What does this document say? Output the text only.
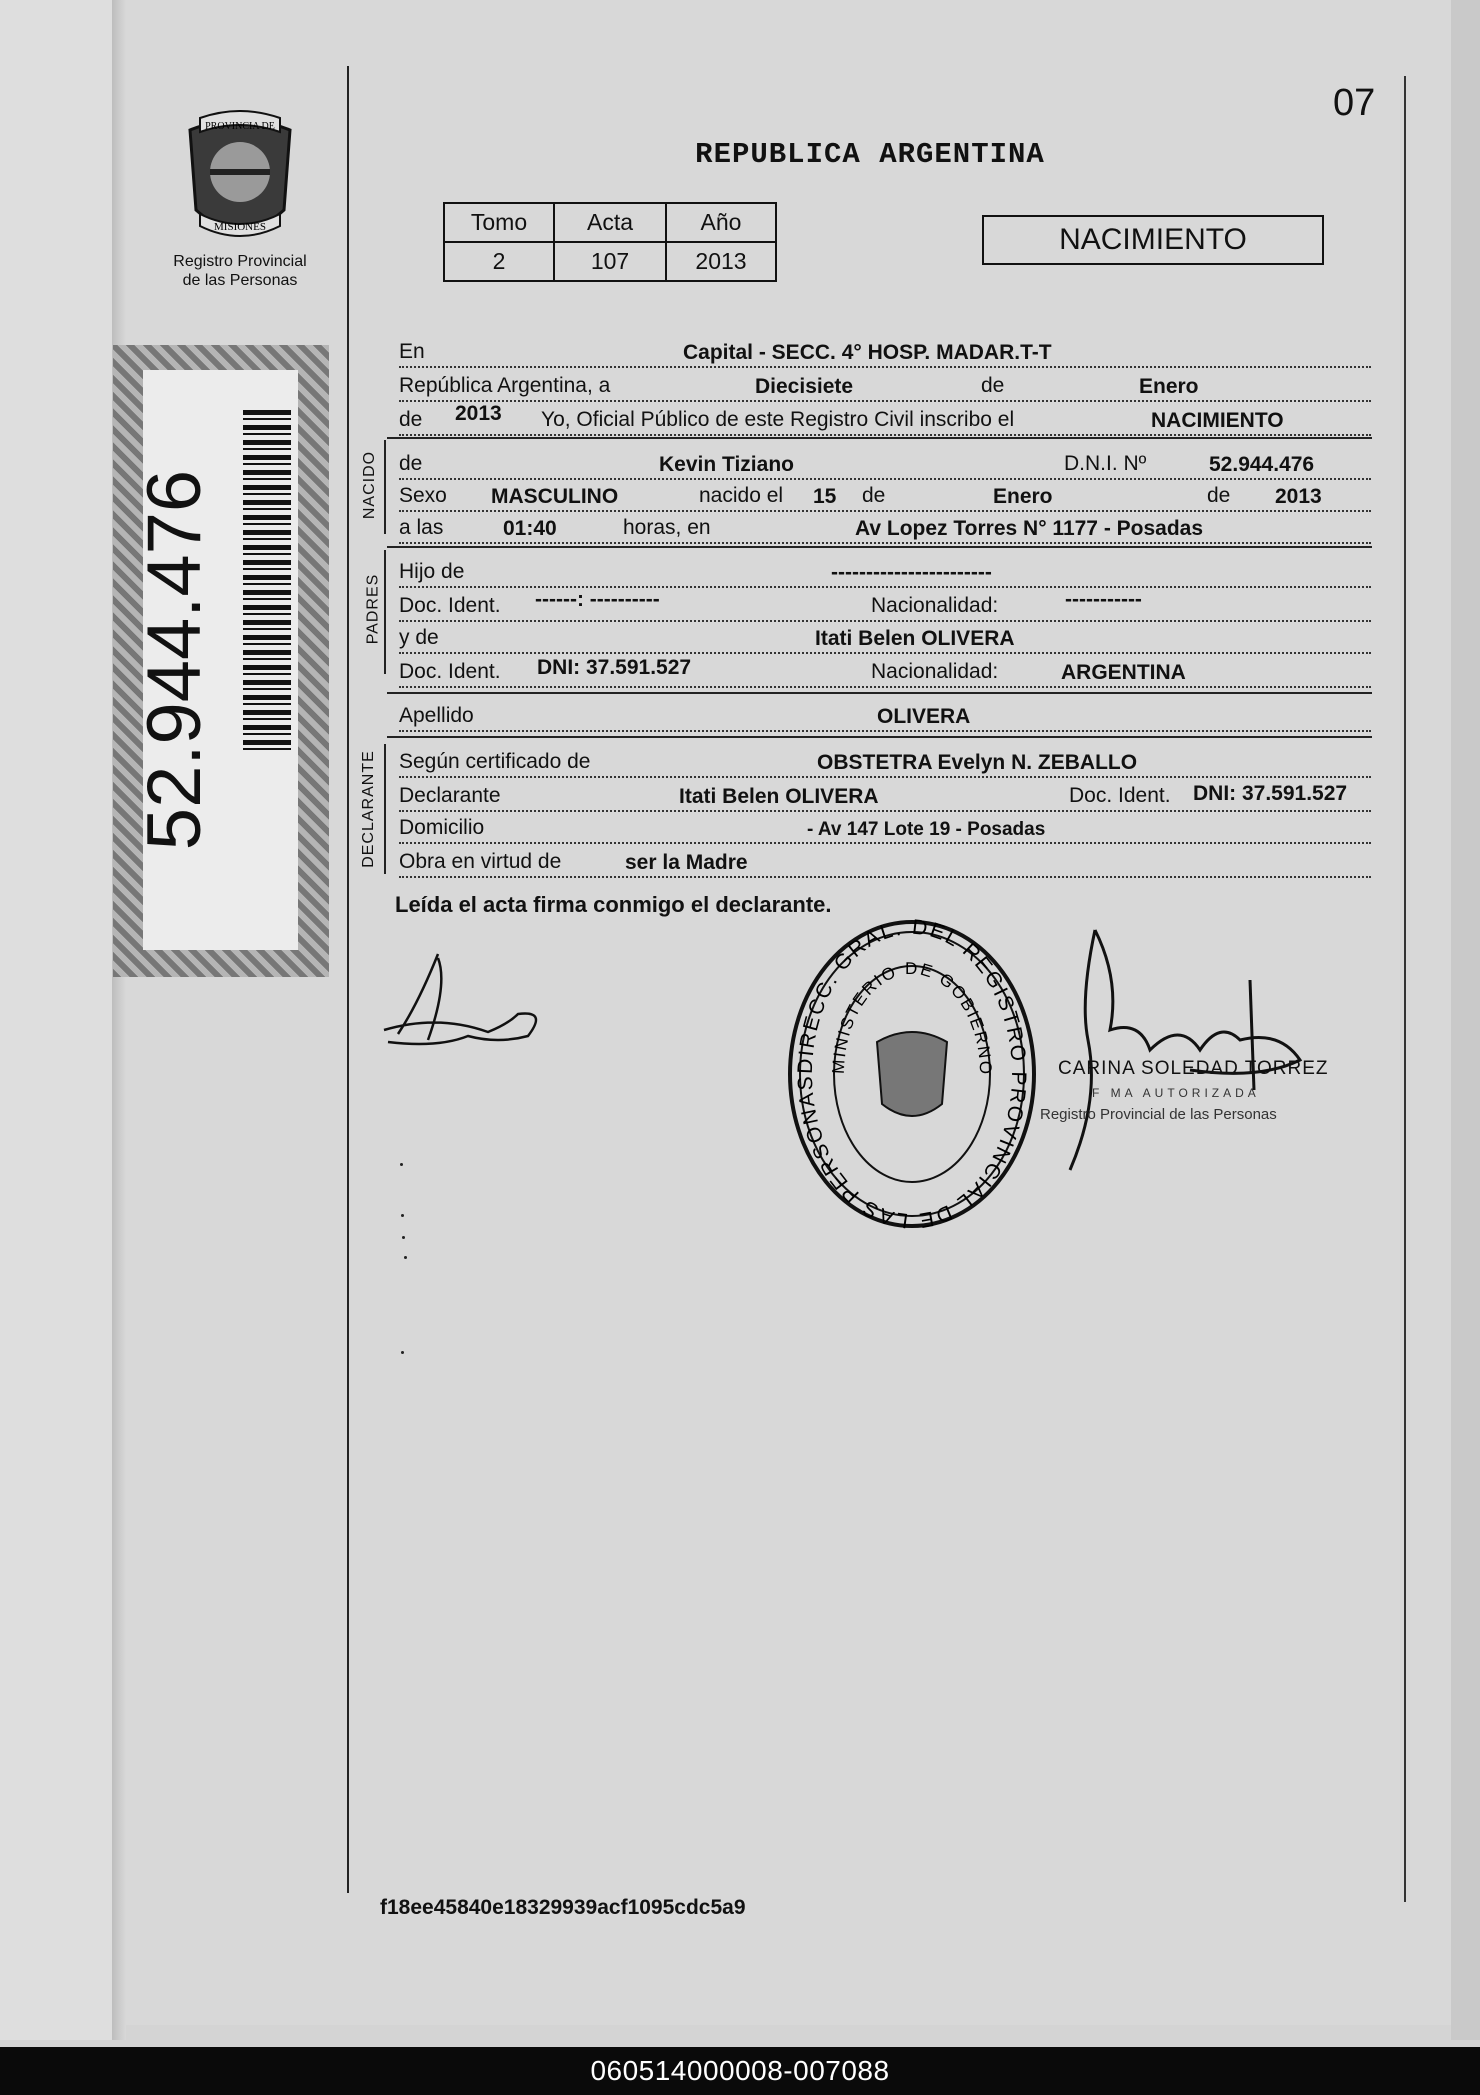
07
PROVINCIA DE
MISIONES
Registro Provincial
de las Personas
52.944.476
REPUBLICA ARGENTINA
Tomo	Acta	Año
2	107	2013
NACIMIENTO
En	Capital - SECC. 4° HOSP. MADAR.T-T
República Argentina, a	Diecisiete	de	Enero
de 2013 Yo, Oficial Público de este Registro Civil inscribo el	NACIMIENTO
NACIDO de	Kevin Tiziano	D.N.I. Nº	52.944.476
Sexo MASCULINO	nacido el 15 de	Enero	de 2013
a las	01:40	horas, en	Av Lopez Torres N° 1177 - Posadas
PADRES
Hijo de	-----------------------
Doc. Ident. ------: ----------	Nacionalidad:	-----------
y de	Itati Belen OLIVERA
Doc. Ident. DNI: 37.591.527	Nacionalidad:	ARGENTINA
Apellido	OLIVERA
DECLARANTE Según certificado de	OBSTETRA Evelyn N. ZEBALLO
Declarante	Itati Belen OLIVERA	Doc. Ident. DNI: 37.591.527
Domicilio	- Av 147 Lote 19 - Posadas
Obra en virtud de	ser la Madre
Leída el acta firma conmigo el declarante.
DIRECC. GRAL. DEL REGISTRO PROVINCIAL DE LAS PERSONAS
MINISTERIO DE GOBIERNO	CARINA SOLEDAD TORREZ
F MA AUTORIZADA
Registro Provincial de las Personas
f18ee45840e18329939acf1095cdc5a9
060514000008-007088
